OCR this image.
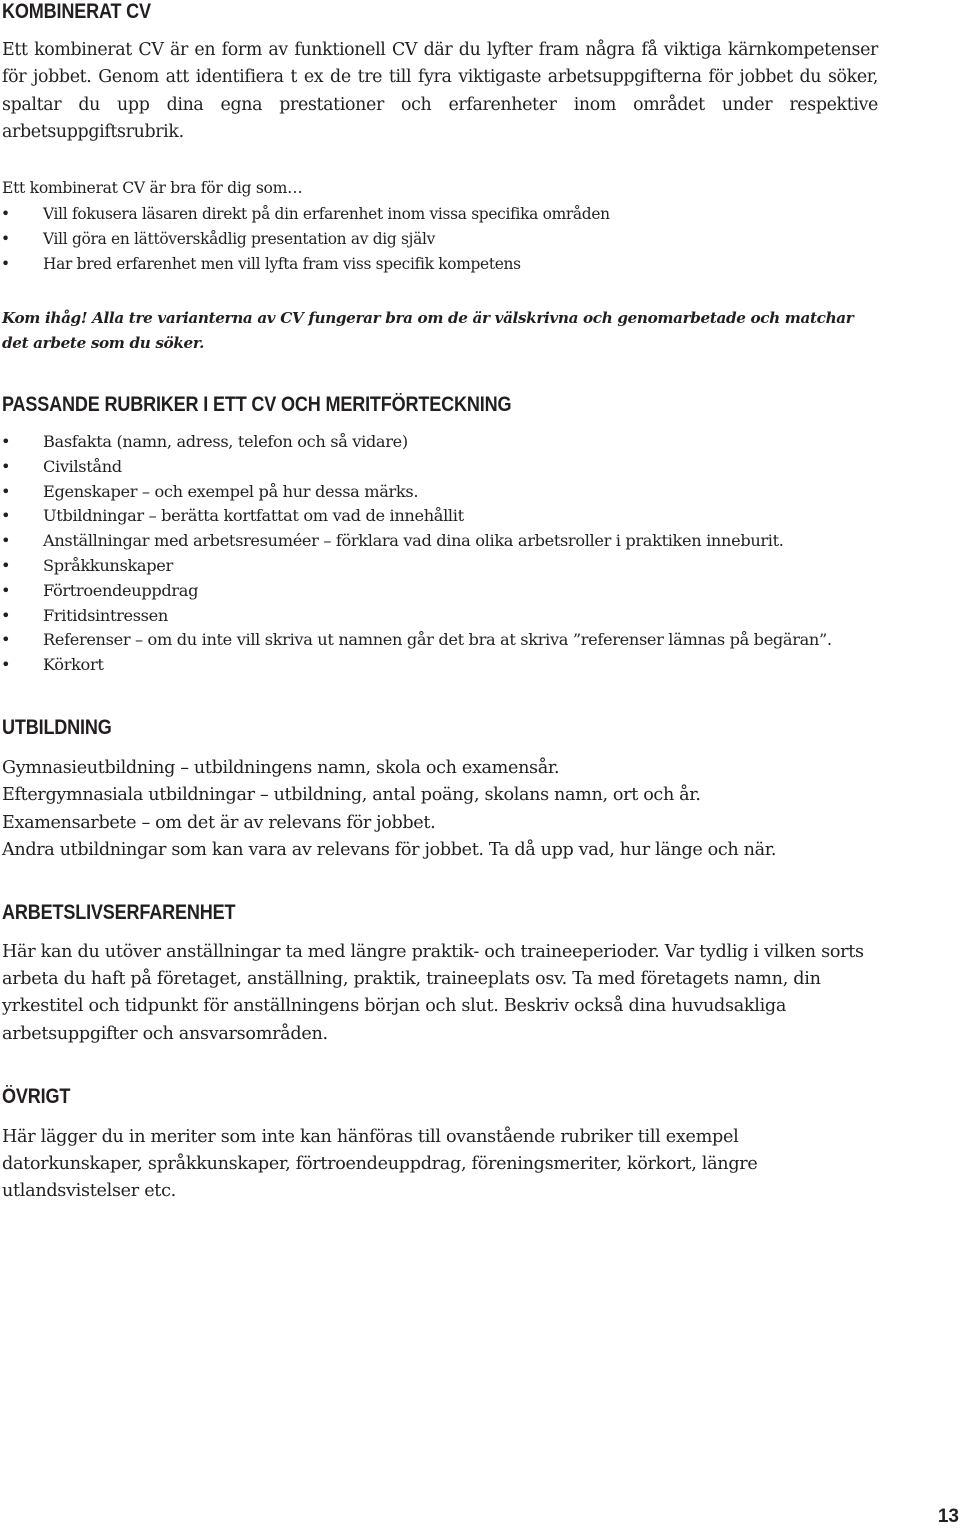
KOMBINERAT CV

Ett kombinerat CV är en form av funktionell CV där du lyfter fram några få viktiga kärnkompetenser för jobbet. Genom att identifiera t ex de tre till fyra viktigaste arbetsuppgifterna för jobbet du söker, spaltar du upp dina egna prestationer och erfarenheter inom området under respektive arbetsuppgiftsrubrik.

Ett kombinerat CV är bra för dig som…

• Vill fokusera läsaren direkt på din erfarenhet inom vissa specifika områden
• Vill göra en lättöverskådlig presentation av dig själv
• Har bred erfarenhet men vill lyfta fram viss specifik kompetens

Kom ihåg! Alla tre varianterna av CV fungerar bra om de är välskrivna och genomarbetade och matchar det arbete som du söker.

PASSANDE RUBRIKER I ETT CV OCH MERITFÖRTECKNING
• Basfakta (namn, adress, telefon och så vidare)
• Civilstånd
• Egenskaper – och exempel på hur dessa märks.
• Utbildningar – berätta kortfattat om vad de innehållit
• Anställningar med arbetsresuméer – förklara vad dina olika arbetsroller i praktiken inneburit.
• Språkkunskaper
• Förtroendeuppdrag
• Fritidsintressen
• Referenser – om du inte vill skriva ut namnen går det bra at skriva ”referenser lämnas på begäran”.
• Körkort
UTBILDNING
Gymnasieutbildning – utbildningens namn, skola och examensår.
Eftergymnasiala utbildningar – utbildning, antal poäng, skolans namn, ort och år.
Examensarbete – om det är av relevans för jobbet.
Andra utbildningar som kan vara av relevans för jobbet. Ta då upp vad, hur länge och när.
ARBETSLIVSERFARENHET

Här kan du utöver anställningar ta med längre praktik- och traineeperioder. Var tydlig i vilken sorts arbeta du haft på företaget, anställning, praktik, traineeplats osv. Ta med företagets namn, din yrkestitel och tidpunkt för anställningens början och slut. Beskriv också dina huvudsakliga arbetsuppgifter och ansvarsområden.

ÖVRIGT

Här lägger du in meriter som inte kan hänföras till ovanstående rubriker till exempel datorkunskaper, språkkunskaper, förtroendeuppdrag, föreningsmeriter, körkort, längre utlandsvistelser etc.

13
